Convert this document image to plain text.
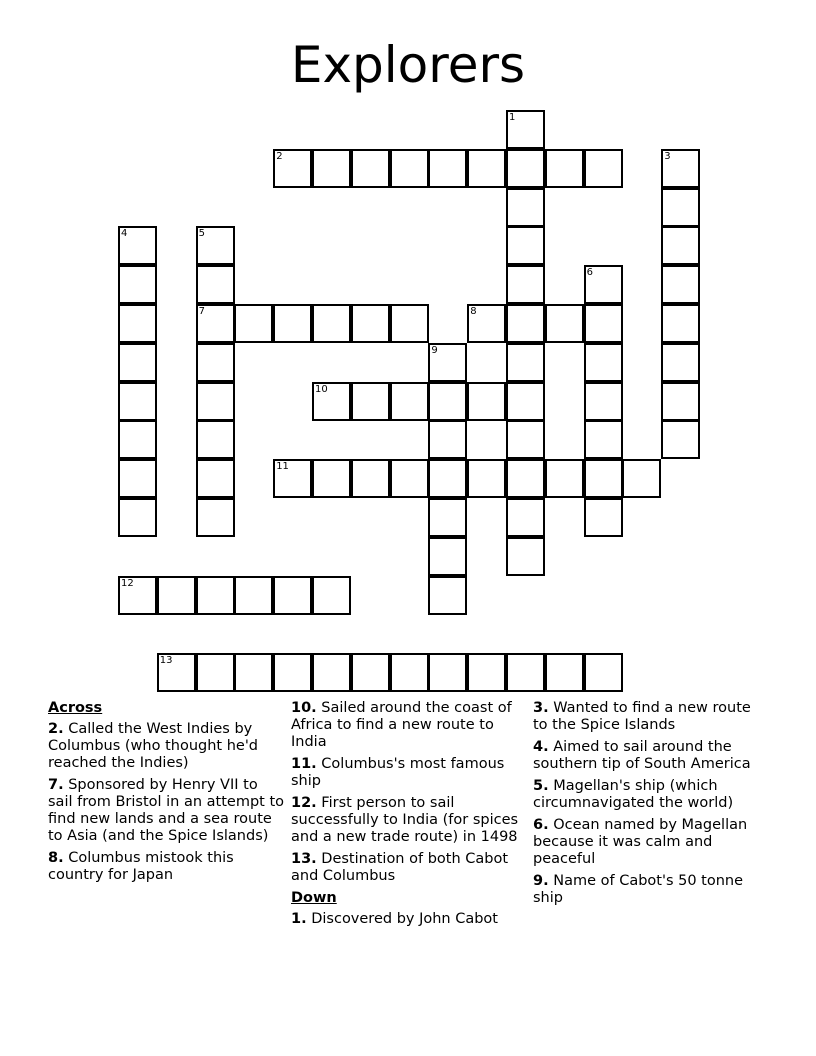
Explorers
1
2	3
4	5
6
7	8
9
10
11
12
13
Across
2. Called the West Indies by Columbus (who thought he'd reached the Indies)
7. Sponsored by Henry VII to sail from Bristol in an attempt to find new lands and a sea route to Asia (and the Spice Islands)
8. Columbus mistook this country for Japan
10. Sailed around the coast of Africa to find a new route to India
11. Columbus's most famous ship
12. First person to sail successfully to India (for spices and a new trade route) in 1498
13. Destination of both Cabot and Columbus
Down
1. Discovered by John Cabot
3. Wanted to find a new route to the Spice Islands
4. Aimed to sail around the southern tip of South America
5. Magellan's ship (which circumnavigated the world)
6. Ocean named by Magellan because it was calm and peaceful
9. Name of Cabot's 50 tonne ship
